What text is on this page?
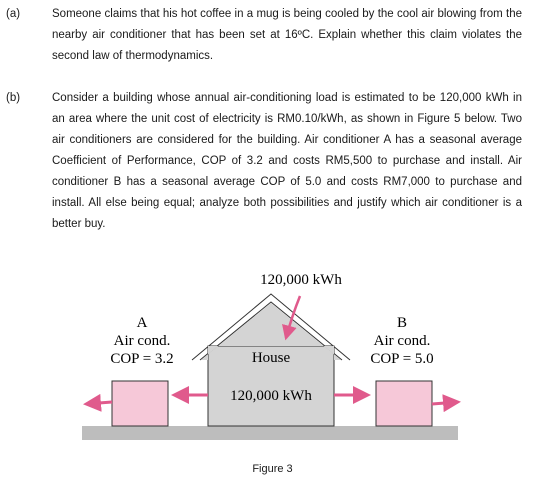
(a)	Someone claims that his hot coffee in a mug is being cooled by the cool air blowing from the nearby air conditioner that has been set at 16ºC. Explain whether this claim violates the second law of thermodynamics.

(b)	Consider a building whose annual air-conditioning load is estimated to be 120,000 kWh in an area where the unit cost of electricity is RM0.10/kWh, as shown in Figure 5 below. Two air conditioners are considered for the building. Air conditioner A has a seasonal average Coefficient of Performance, COP of 3.2 and costs RM5,500 to purchase and install. Air conditioner B has a seasonal average COP of 5.0 and costs RM7,000 to purchase and install. All else being equal; analyze both possibilities and justify which air conditioner is a better buy.

120,000 kWh
A
Air cond.
COP = 3.2
B
Air cond.
COP = 5.0
House
120,000 kWh
Figure 3
